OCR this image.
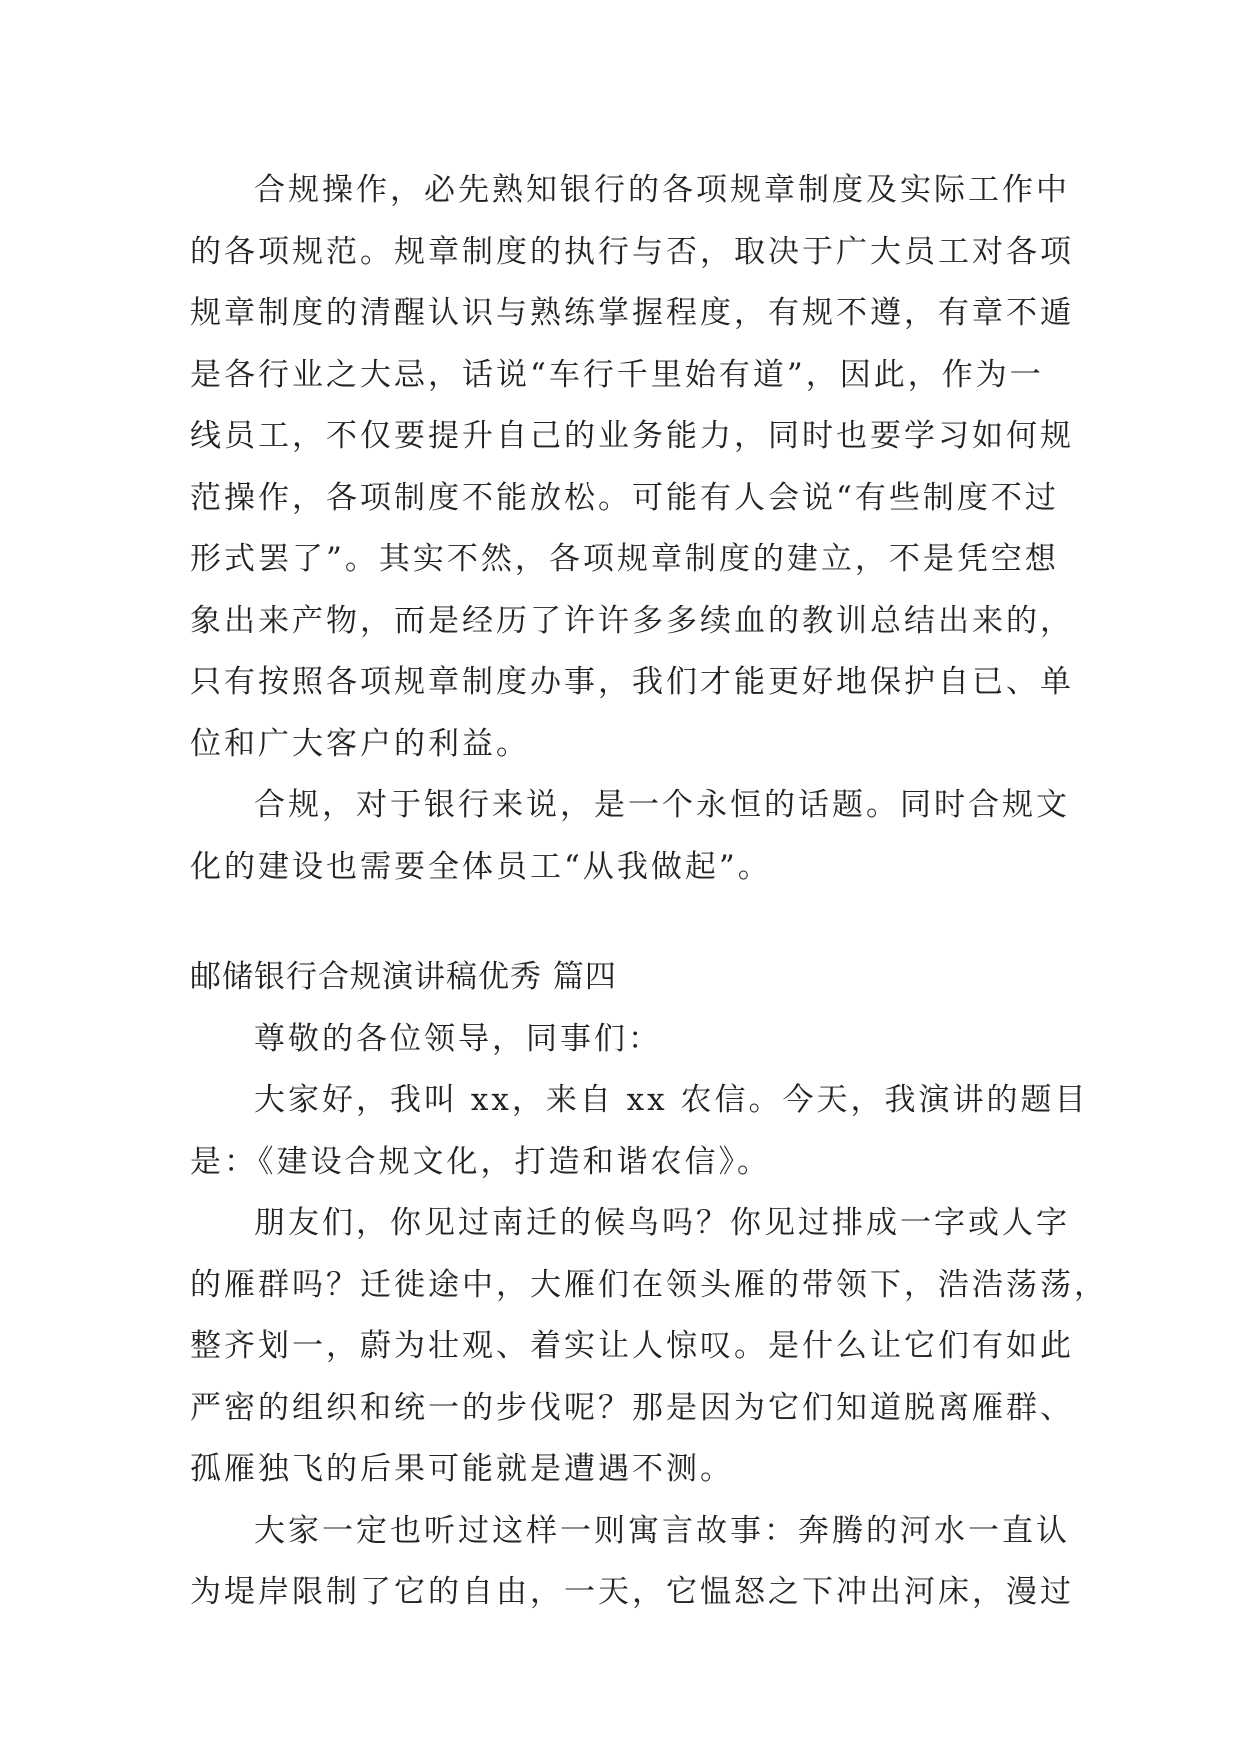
合规操作，必先熟知银行的各项规章制度及实际工作中
的各项规范。规章制度的执行与否，取决于广大员工对各项
规章制度的清醒认识与熟练掌握程度，有规不遵，有章不遁
是各行业之大忌，话说“车行千里始有道”，因此，作为一
线员工，不仅要提升自己的业务能力，同时也要学习如何规
范操作，各项制度不能放松。可能有人会说“有些制度不过
形式罢了”。其实不然，各项规章制度的建立，不是凭空想
象出来产物，而是经历了许许多多续血的教训总结出来的，
只有按照各项规章制度办事，我们才能更好地保护自已、单
位和广大客户的利益。
合规，对于银行来说，是一个永恒的话题。同时合规文
化的建设也需要全体员工“从我做起”。
邮储银行合规演讲稿优秀 篇四
尊敬的各位领导，同事们：
大家好，我叫 xx，来自 xx 农信。今天，我演讲的题目
是：《建设合规文化，打造和谐农信》。
朋友们，你见过南迁的候鸟吗？你见过排成一字或人字
的雁群吗？迁徙途中，大雁们在领头雁的带领下，浩浩荡荡，
整齐划一，蔚为壮观、着实让人惊叹。是什么让它们有如此
严密的组织和统一的步伐呢？那是因为它们知道脱离雁群、
孤雁独飞的后果可能就是遭遇不测。
大家一定也听过这样一则寓言故事：奔腾的河水一直认
为堤岸限制了它的自由，一天，它愠怒之下冲出河床，漫过
